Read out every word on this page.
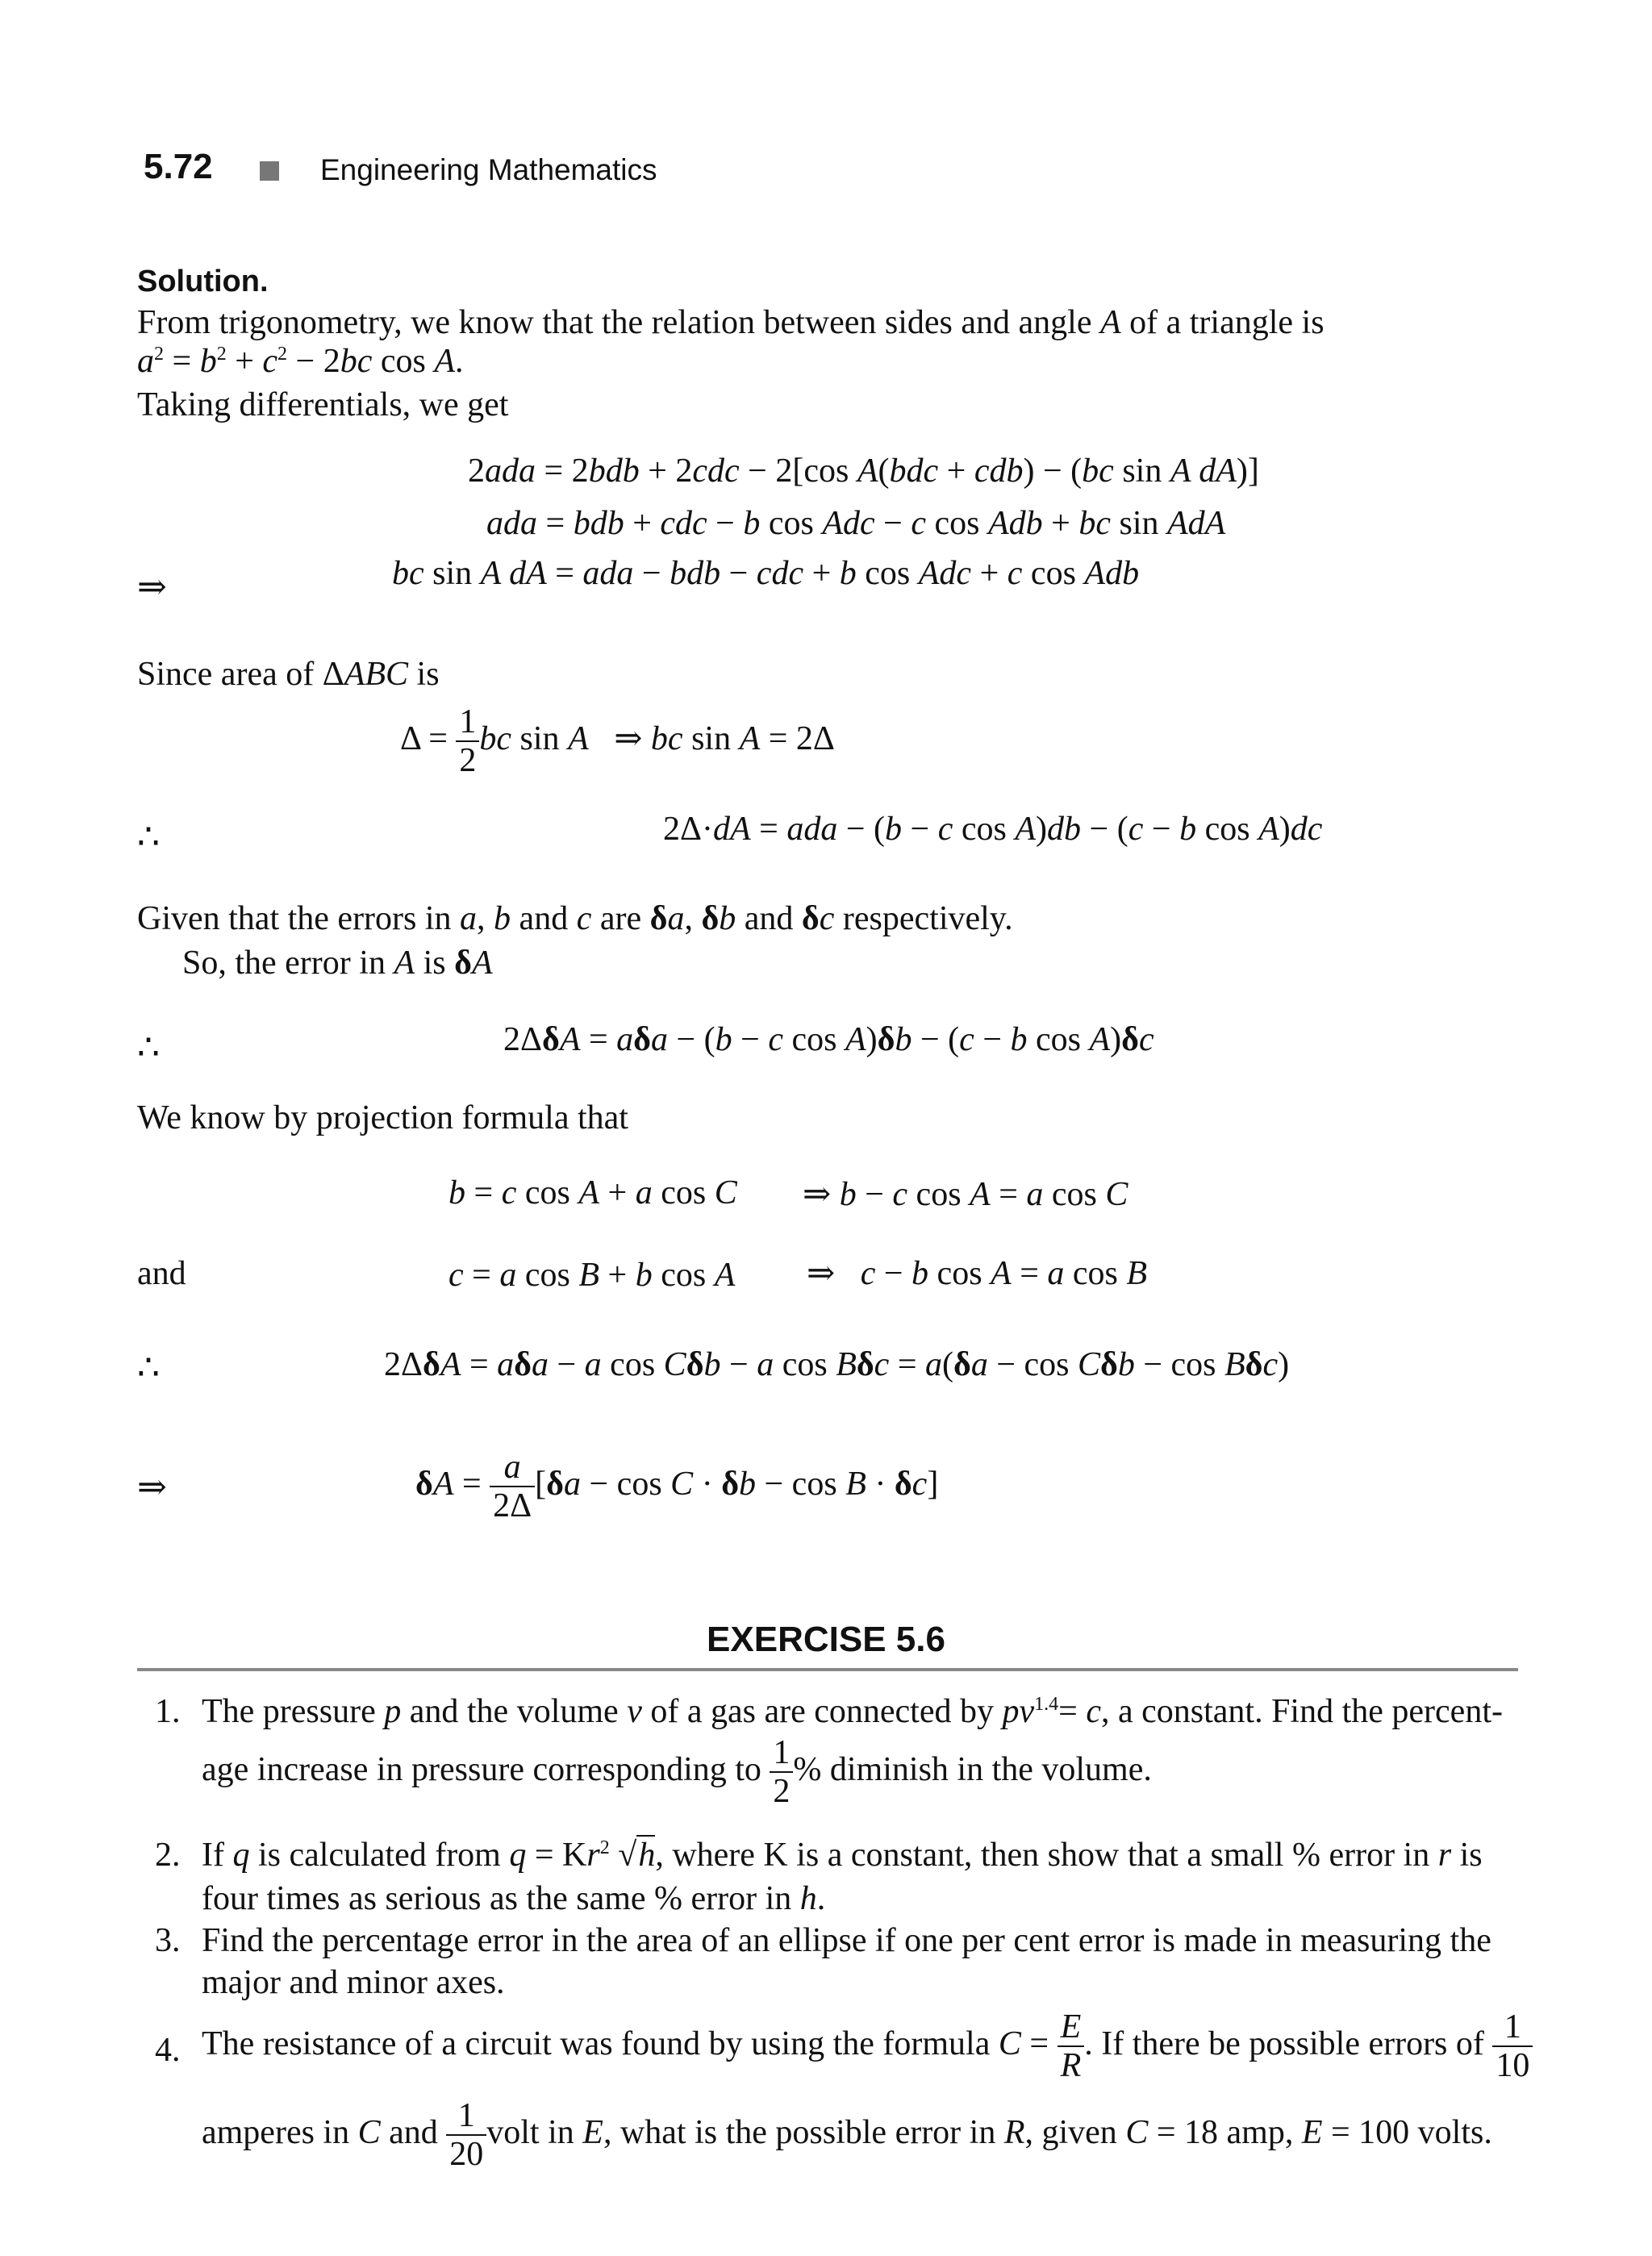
5.72	Engineering Mathematics
Solution.
From trigonometry, we know that the relation between sides and angle A of a triangle is
$a^2 = b^2 + c^2 - 2bc$ cos A.
Taking differentials, we get
2ada = 2bdb + 2cdc − 2[cos A(bdc + cdb) − (bc sin A dA)]
ada = bdb + cdc − b cos Adc − c cos Adb + bc sin AdA
⇒	bc sin A dA = ada − bdb − cdc + b cos Adc + c cos Adb
Since area of ΔABC is
$\Delta = \frac{1}{2}$ bc sin A   ⇒ bc sin A = 2Δ
∴	2Δ·dA = ada − (b − c cos A)db − (c − b cos A)dc
Given that the errors in a, b and c are δa, δb and δc respectively.
So, the error in A is δA
∴	2ΔδA = aδa − (b − c cos A)δb − (c − b cos A)δc
We know by projection formula that
b = c cos A + a cos C ⇒ b − c cos A = a cos C
and	c = a cos B + b cos A ⇒   c − b cos A = a cos B
∴	2ΔδA = aδa − a cos Cδb − a cos Bδc = a(δa − cos Cδb − cos Bδc)
⇒	$\delta A = \frac{a}{2\Delta} [\delta a - \cos C \cdot \delta b - \cos B \cdot \delta c]$
EXERCISE 5.6
1. The pressure p and the volume v of a gas are connected by $pv^{1.4}= c$, a constant. Find the percent-
age increase in pressure corresponding to $\frac{1}{2}$ % diminish in the volume.
2. If q is calculated from $q = Kr^2$ √h, where K is a constant, then show that a small % error in r is
four times as serious as the same % error in h.
3. Find the percentage error in the area of an ellipse if one per cent error is made in measuring the
major and minor axes.
4. The resistance of a circuit was found by using the formula $C = \frac{E}{R}$ . If there be possible errors of $\frac{1}{10}$
amperes in C and $\frac{1}{20}$ volt in E, what is the possible error in R, given C = 18 amp, E = 100 volts.
